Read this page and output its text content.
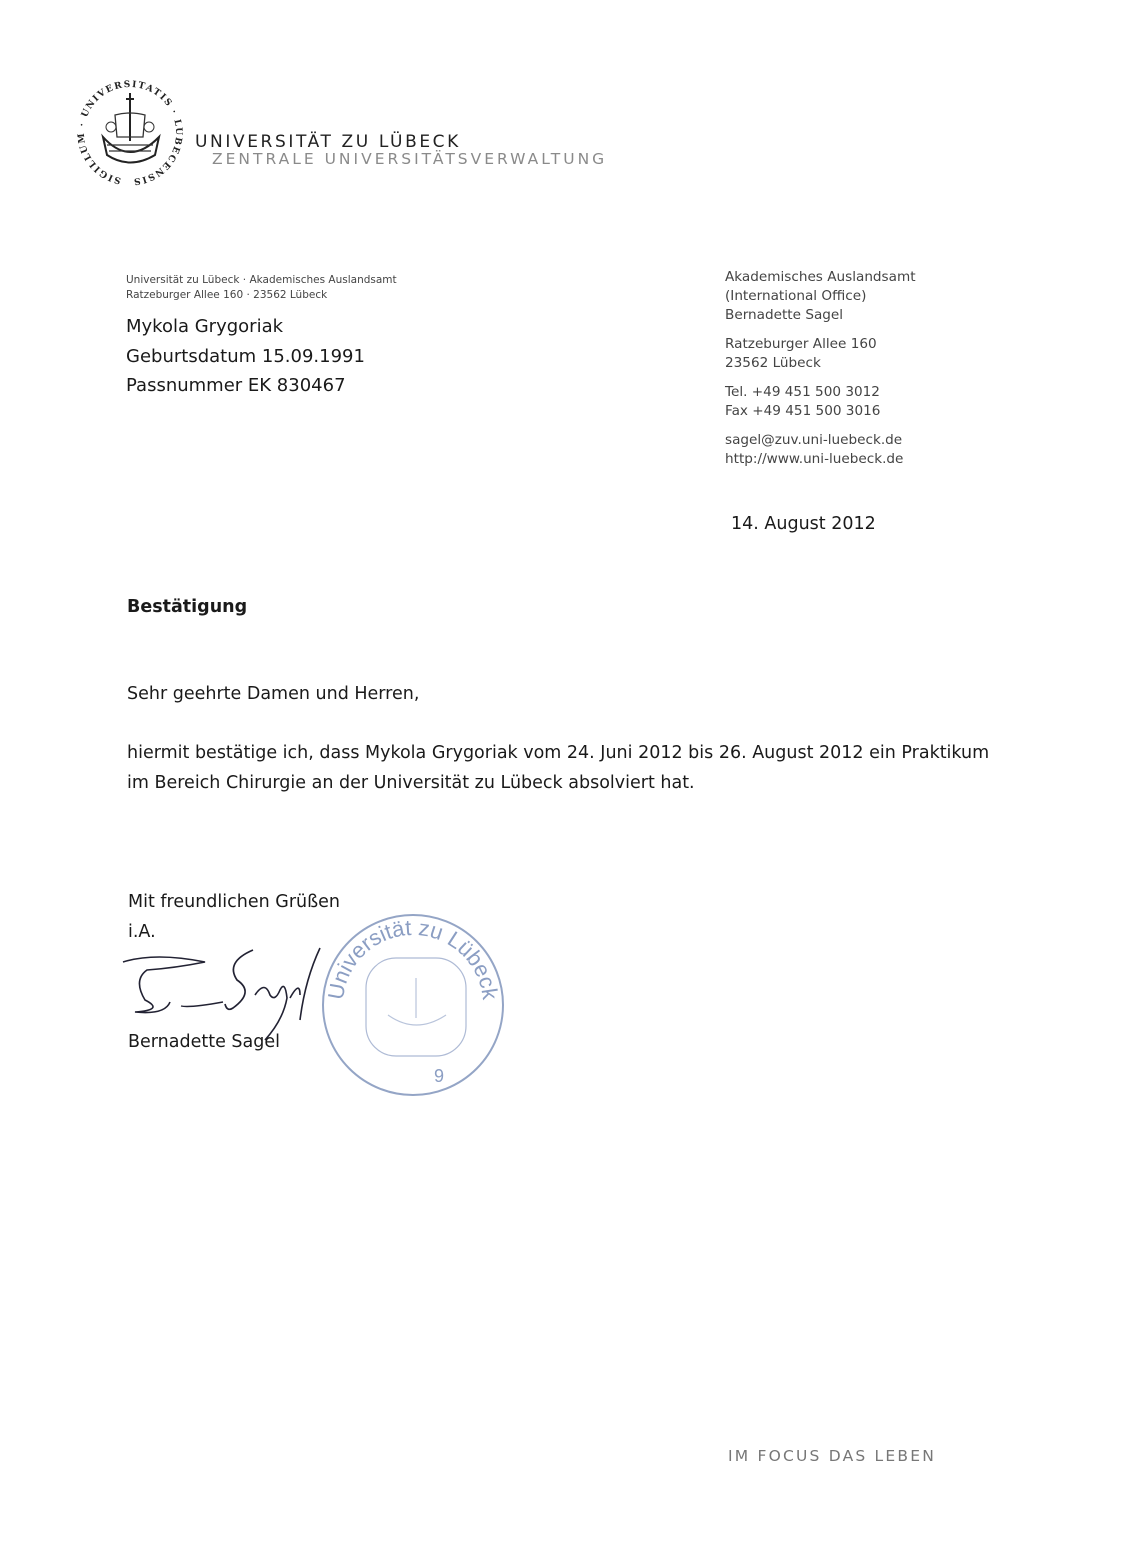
SIGILLUM · UNIVERSITATIS · LUBECENSIS
UNIVERSITÄT ZU LÜBECK
ZENTRALE UNIVERSITÄTSVERWALTUNG
Universität zu Lübeck · Akademisches Auslandsamt
Ratzeburger Allee 160 · 23562 Lübeck
Mykola Grygoriak
Geburtsdatum 15.09.1991
Passnummer EK 830467
Akademisches Auslandsamt
(International Office)
Bernadette Sagel
Ratzeburger Allee 160
23562 Lübeck
Tel. +49 451 500 3012
Fax +49 451 500 3016
sagel@zuv.uni-luebeck.de
http://www.uni-luebeck.de
14. August 2012
Bestätigung
Sehr geehrte Damen und Herren,
hiermit bestätige ich, dass Mykola Grygoriak vom 24. Juni 2012 bis 26. August 2012 ein Praktikum im Bereich Chirurgie an der Universität zu Lübeck absolviert hat.
Mit freundlichen Grüßen
i.A.
Bernadette Sagel
Universität zu Lübeck
9
IM FOCUS DAS LEBEN
